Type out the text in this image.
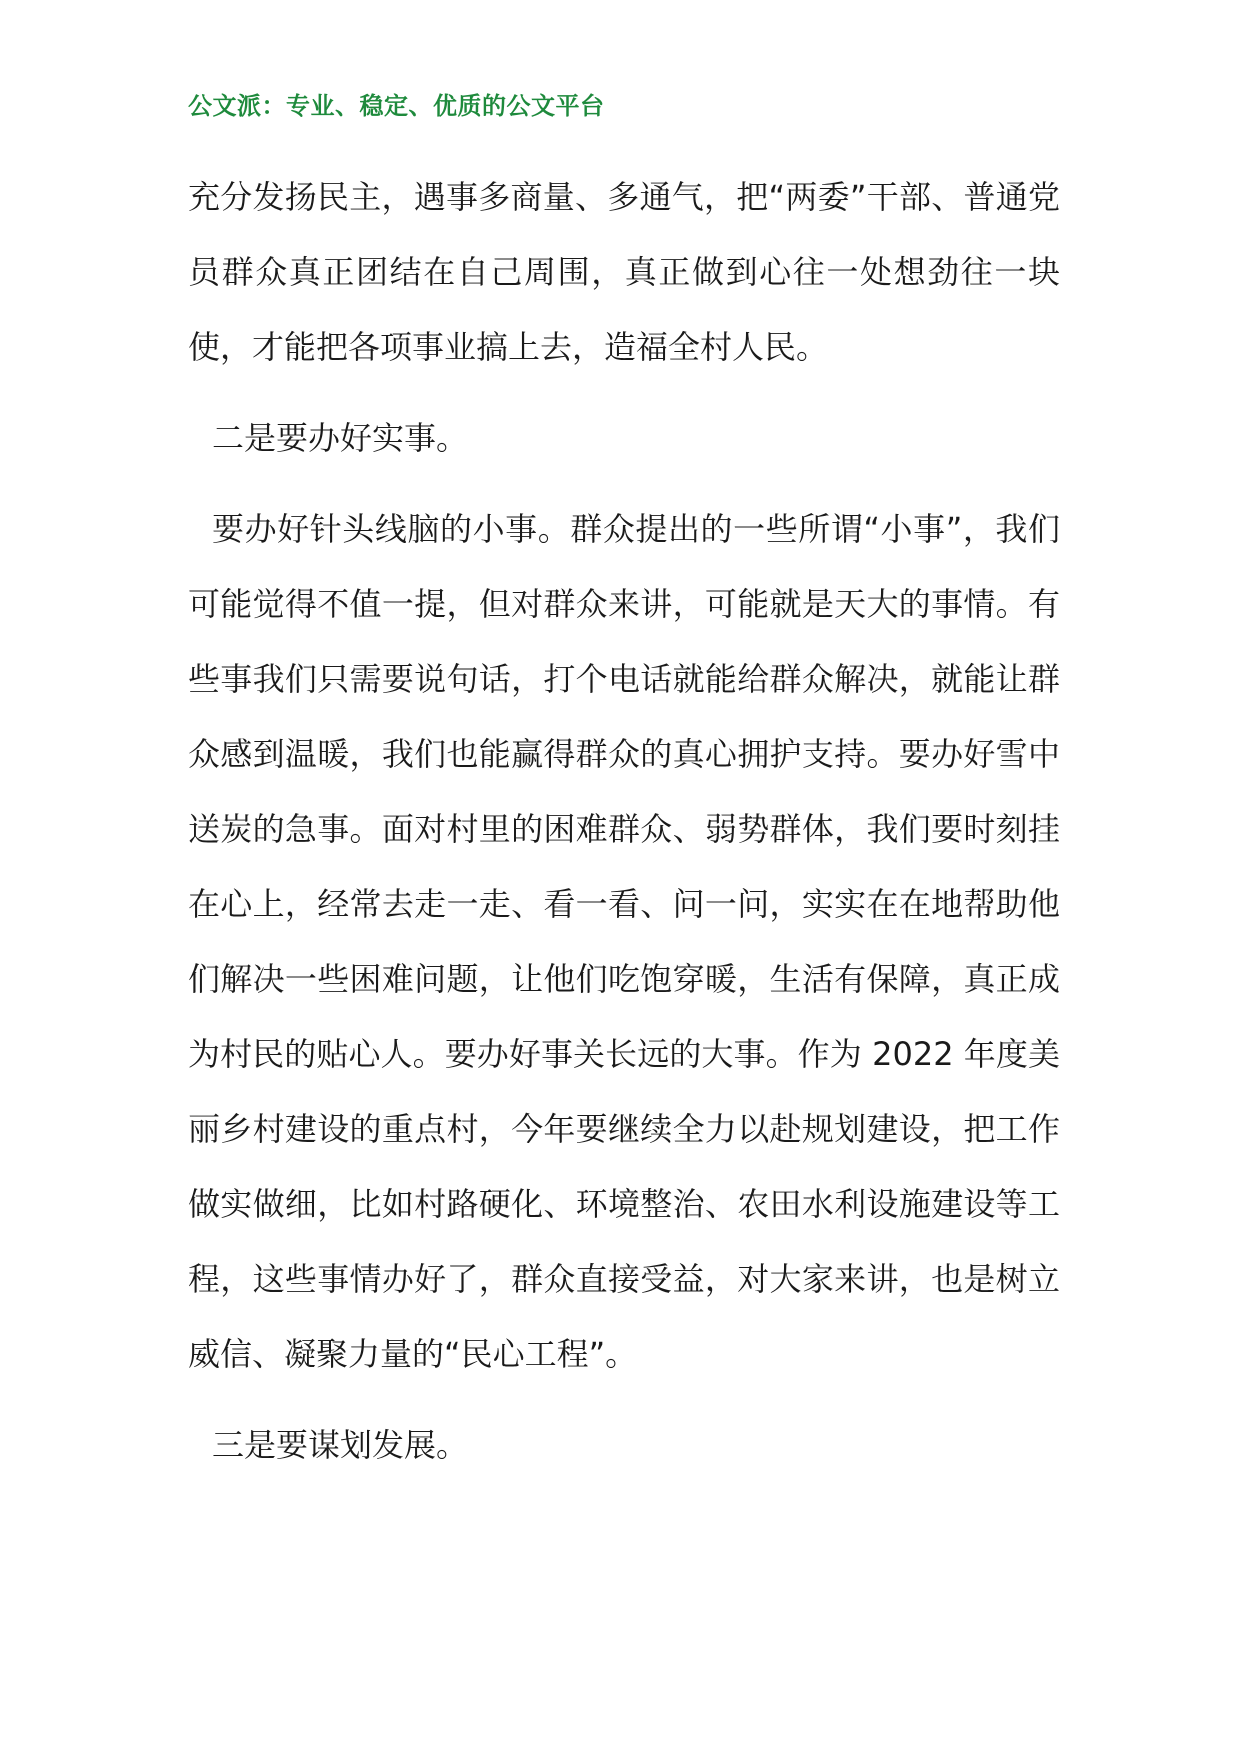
公文派：专业、稳定、优质的公文平台

充分发扬民主，遇事多商量、多通气，把“两委”干部、普通党员群众真正团结在自己周围，真正做到心往一处想劲往一块使，才能把各项事业搞上去，造福全村人民。

二是要办好实事。

要办好针头线脑的小事。群众提出的一些所谓“小事”，我们可能觉得不值一提，但对群众来讲，可能就是天大的事情。有些事我们只需要说句话，打个电话就能给群众解决，就能让群众感到温暖，我们也能赢得群众的真心拥护支持。要办好雪中送炭的急事。面对村里的困难群众、弱势群体，我们要时刻挂在心上，经常去走一走、看一看、问一问，实实在在地帮助他们解决一些困难问题，让他们吃饱穿暖，生活有保障，真正成为村民的贴心人。要办好事关长远的大事。作为 2022 年度美丽乡村建设的重点村，今年要继续全力以赴规划建设，把工作做实做细，比如村路硬化、环境整治、农田水利设施建设等工程，这些事情办好了，群众直接受益，对大家来讲，也是树立威信、凝聚力量的“民心工程”。

三是要谋划发展。
